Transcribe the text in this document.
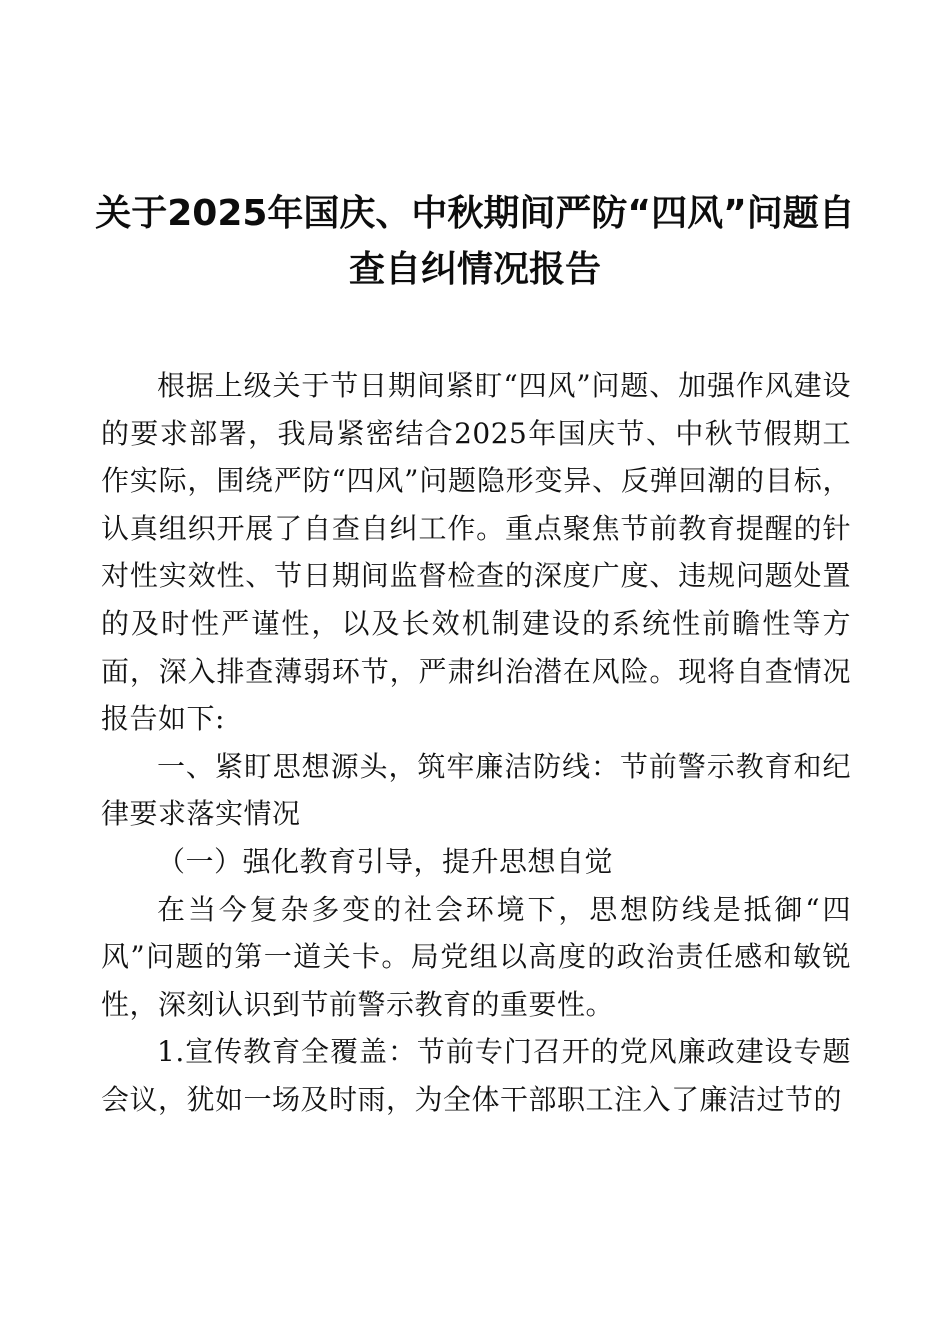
关于2025年国庆、中秋期间严防“四风”问题自查自纠情况报告

根据上级关于节日期间紧盯“四风”问题、加强作风建设的要求部署，我局紧密结合2025年国庆节、中秋节假期工作实际，围绕严防“四风”问题隐形变异、反弹回潮的目标，认真组织开展了自查自纠工作。重点聚焦节前教育提醒的针对性实效性、节日期间监督检查的深度广度、违规问题处置的及时性严谨性，以及长效机制建设的系统性前瞻性等方面，深入排查薄弱环节，严肃纠治潜在风险。现将自查情况报告如下:

一、紧盯思想源头，筑牢廉洁防线：节前警示教育和纪律要求落实情况

（一）强化教育引导，提升思想自觉

在当今复杂多变的社会环境下，思想防线是抵御“四风”问题的第一道关卡。局党组以高度的政治责任感和敏锐性，深刻认识到节前警示教育的重要性。

1.宣传教育全覆盖：节前专门召开的党风廉政建设专题会议，犹如一场及时雨，为全体干部职工注入了廉洁过节的
